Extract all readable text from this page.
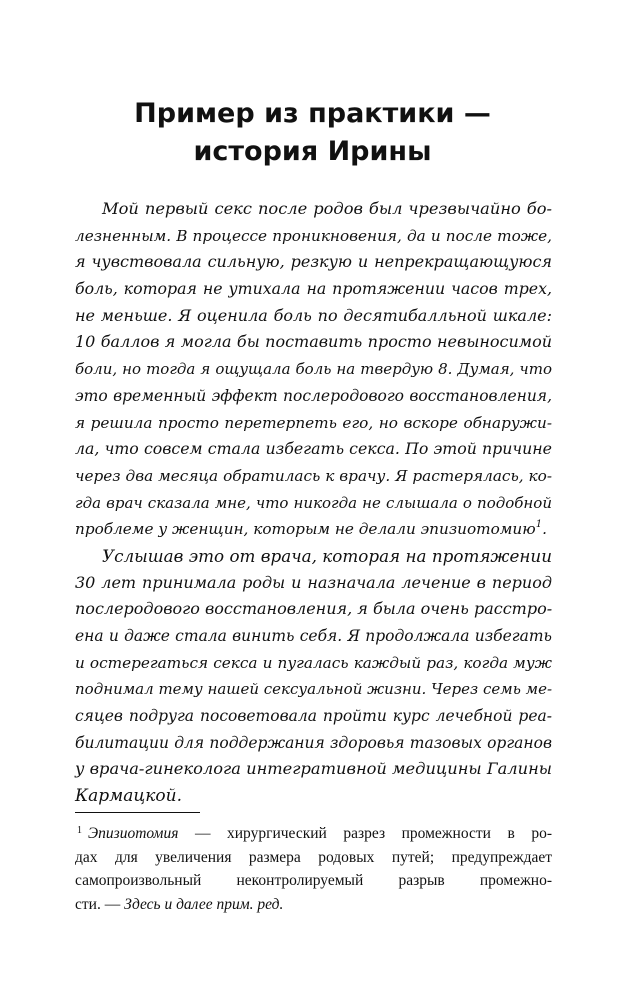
Пример из практики —
история Ирины
Мой первый секс после родов был чрезвычайно бо-
лезненным. В процессе проникновения, да и после тоже,
я чувствовала сильную, резкую и непрекращающуюся
боль, которая не утихала на протяжении часов трех,
не меньше. Я оценила боль по десятибалльной шкале:
10 баллов я могла бы поставить просто невыносимой
боли, но тогда я ощущала боль на твердую 8. Думая, что
это временный эффект послеродового восстановления,
я решила просто перетерпеть его, но вскоре обнаружи-
ла, что совсем стала избегать секса. По этой причине
через два месяца обратилась к врачу. Я растерялась, ко-
гда врач сказала мне, что никогда не слышала о подобной
проблеме у женщин, которым не делали эпизиотомию$^1$.
Услышав это от врача, которая на протяжении
30 лет принимала роды и назначала лечение в период
послеродового восстановления, я была очень расстро-
ена и даже стала винить себя. Я продолжала избегать
и остерегаться секса и пугалась каждый раз, когда муж
поднимал тему нашей сексуальной жизни. Через семь ме-
сяцев подруга посоветовала пройти курс лечебной реа-
билитации для поддержания здоровья тазовых органов
у врача-гинеколога интегративной медицины Галины
Кармацкой.
1 Эпизиотомия — хирургический разрез промежности в ро-
дах для увеличения размера родовых путей; предупреждает
самопроизвольный неконтролируемый разрыв промежно-
сти. — Здесь и далее прим. ред.
